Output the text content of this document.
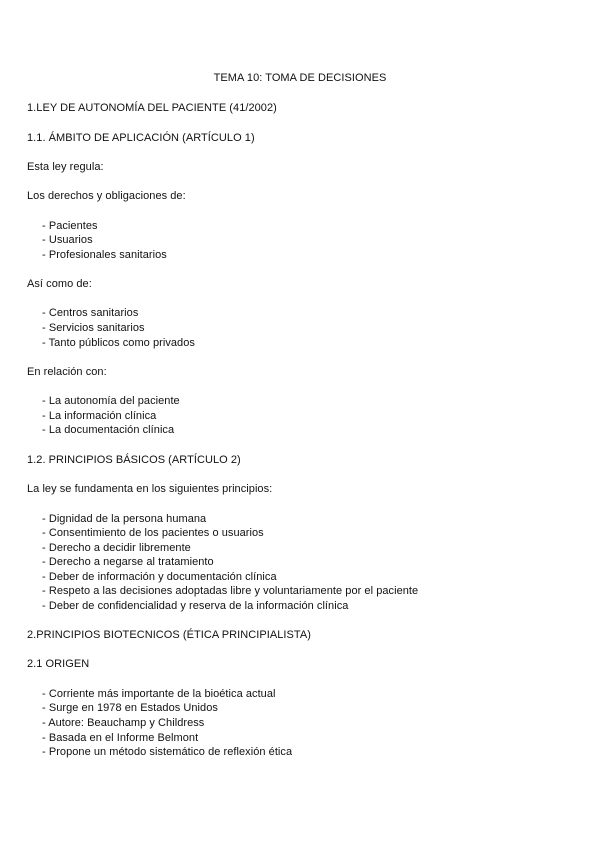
TEMA 10: TOMA DE DECISIONES
1.LEY DE AUTONOMÍA DEL PACIENTE (41/2002)
1.1. ÁMBITO DE APLICACIÓN (ARTÍCULO 1)
Esta ley regula:
Los derechos y obligaciones de:
- Pacientes
- Usuarios
- Profesionales sanitarios
Así como de:
- Centros sanitarios
- Servicios sanitarios
- Tanto públicos como privados
En relación con:
- La autonomía del paciente
- La información clínica
- La documentación clínica
1.2. PRINCIPIOS BÁSICOS (ARTÍCULO 2)
La ley se fundamenta en los siguientes principios:
- Dignidad de la persona humana
- Consentimiento de los pacientes o usuarios
- Derecho a decidir libremente
- Derecho a negarse al tratamiento
- Deber de información y documentación clínica
- Respeto a las decisiones adoptadas libre y voluntariamente por el paciente
- Deber de confidencialidad y reserva de la información clínica
2.PRINCIPIOS BIOTECNICOS (ÉTICA PRINCIPIALISTA)
2.1 ORIGEN
- Corriente más importante de la bioética actual
- Surge en 1978 en Estados Unidos
- Autore: Beauchamp y Childress
- Basada en el Informe Belmont
- Propone un método sistemático de reflexión ética
